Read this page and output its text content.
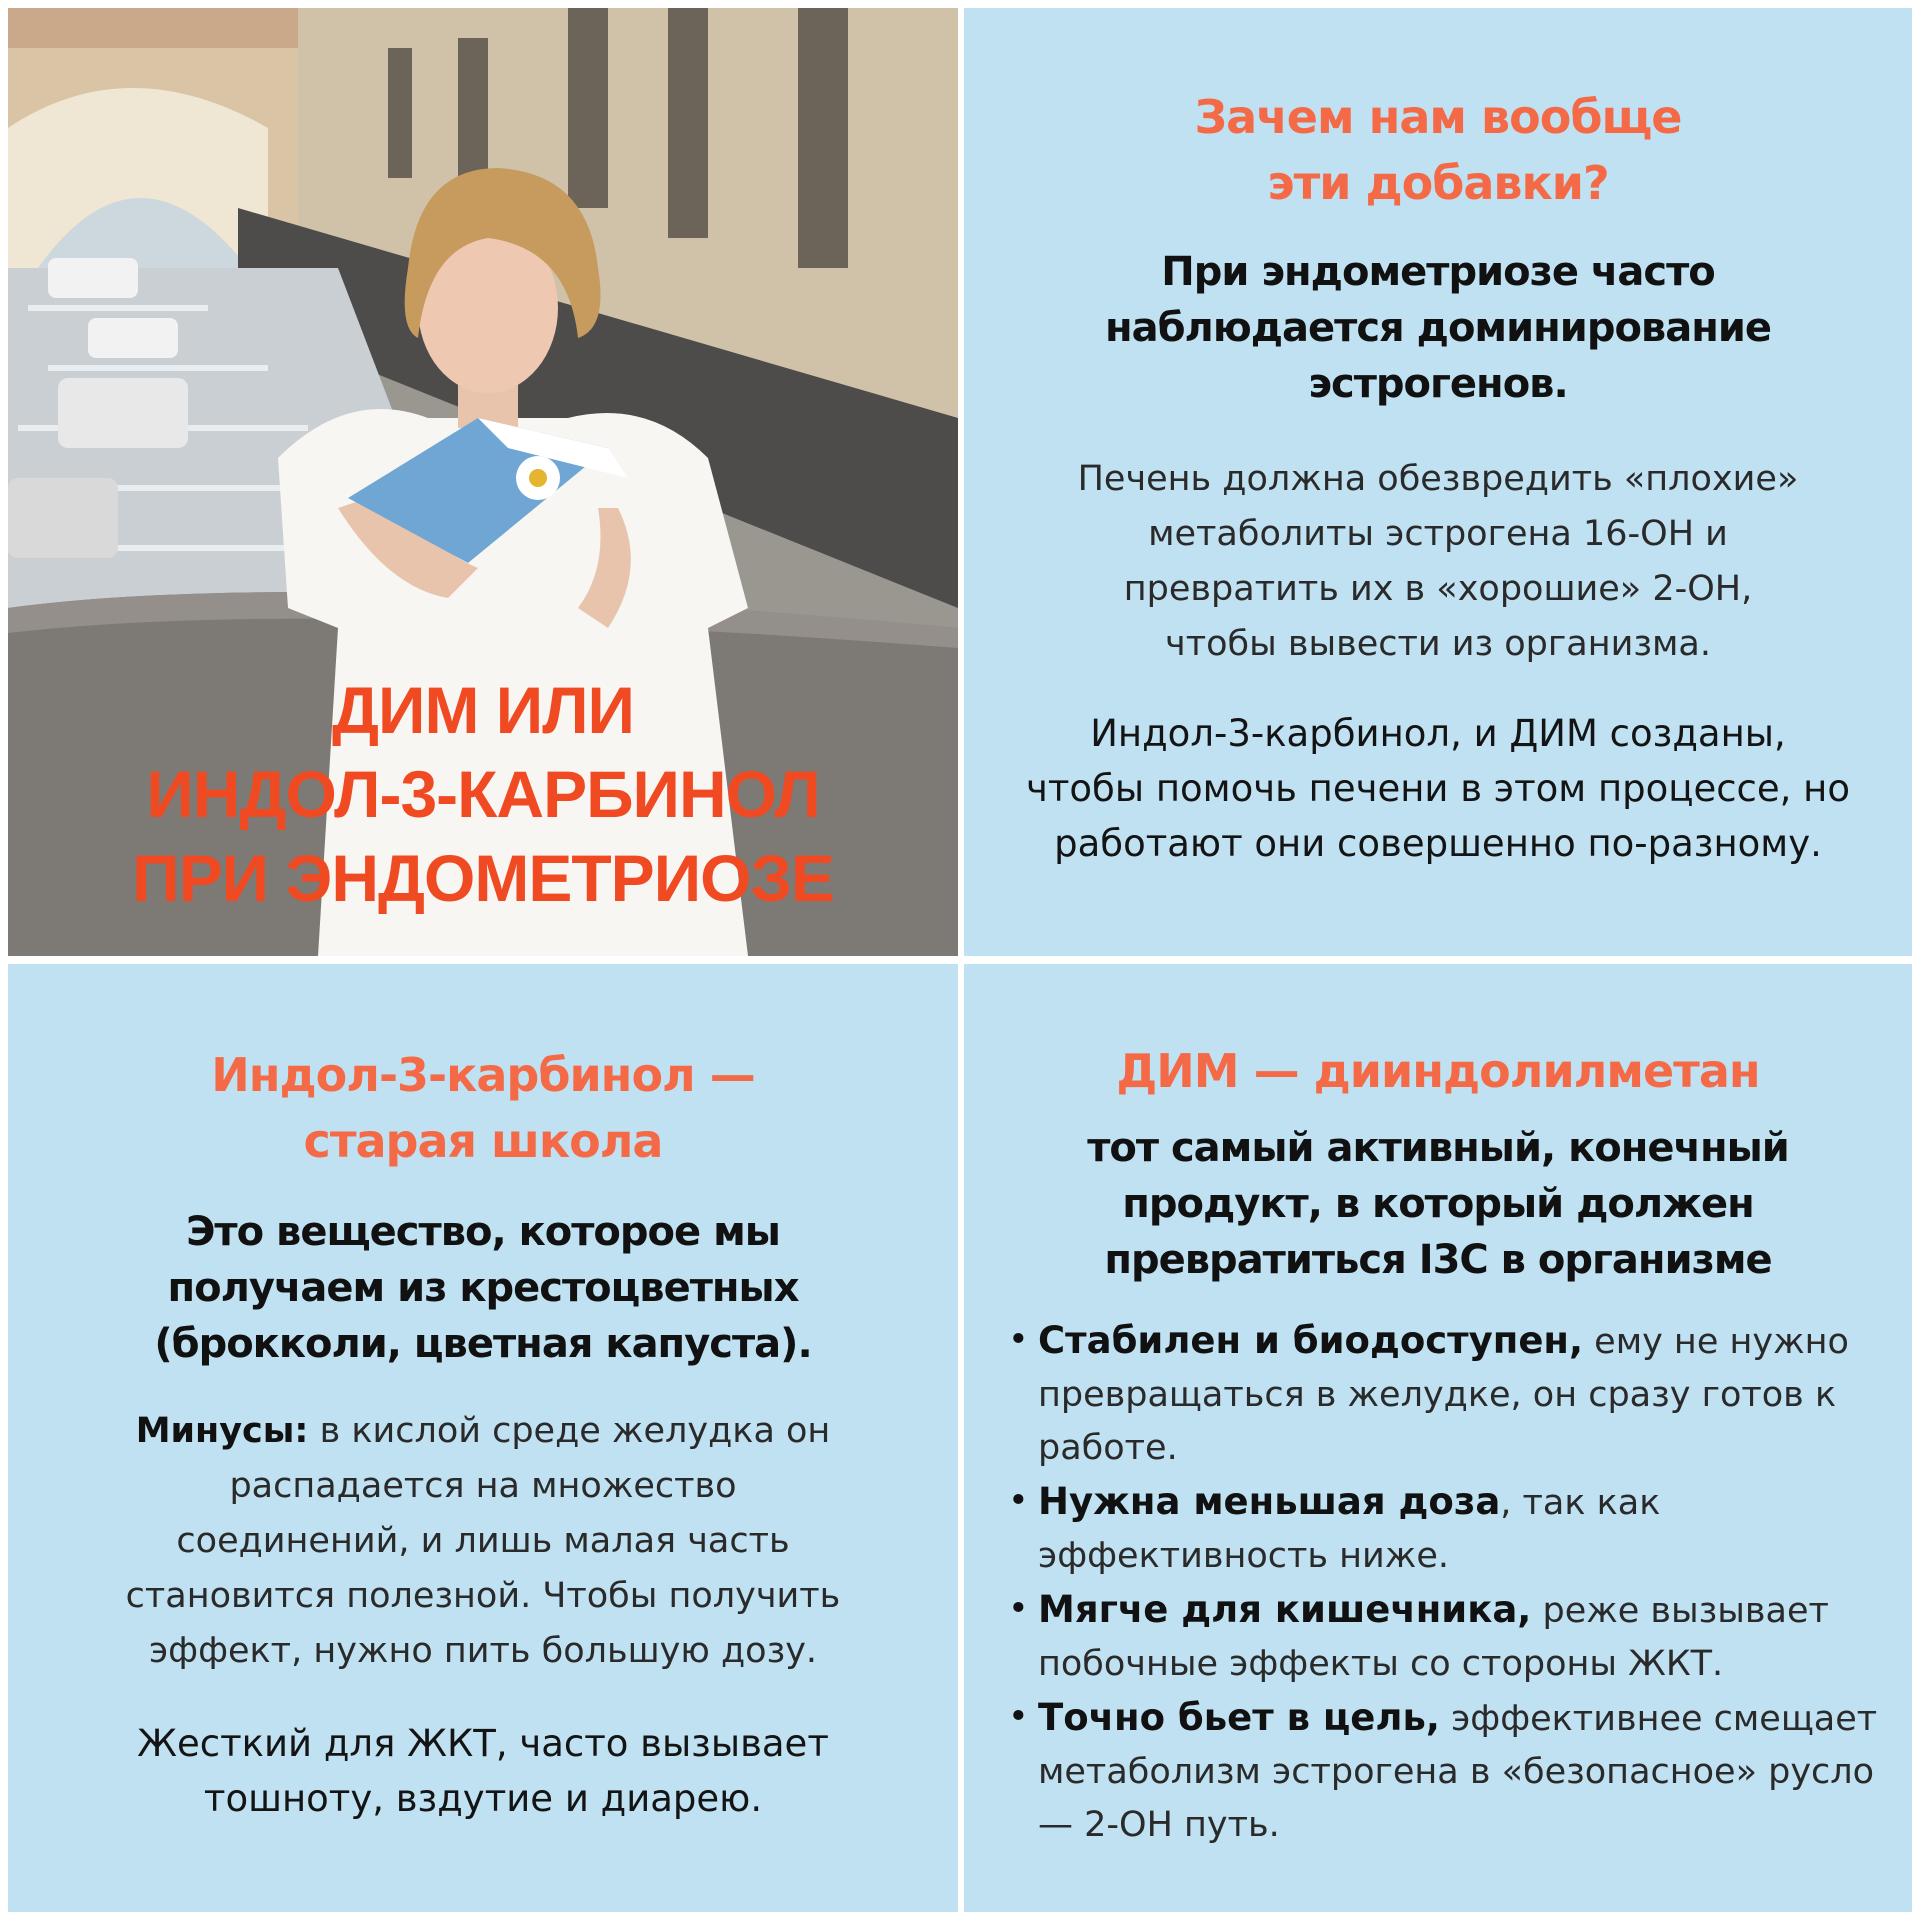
ДИМ ИЛИ
ИНДОЛ-3-КАРБИНОЛ
ПРИ ЭНДОМЕТРИОЗЕ
Зачем нам вообще
эти добавки?
При эндометриозе часто
наблюдается доминирование
эстрогенов.
Печень должна обезвредить «плохие»
метаболиты эстрогена 16-OH и
превратить их в «хорошие» 2-OH,
чтобы вывести из организма.
Индол-3-карбинол, и ДИМ созданы,
чтобы помочь печени в этом процессе, но
работают они совершенно по-разному.
Индол-3-карбинол —
старая школа
Это вещество, которое мы
получаем из крестоцветных
(брокколи, цветная капуста).
Минусы: в кислой среде желудка он
распадается на множество
соединений, и лишь малая часть
становится полезной. Чтобы получить
эффект, нужно пить большую дозу.
Жесткий для ЖКТ, часто вызывает
тошноту, вздутие и диарею.
ДИМ — дииндолилметан
тот самый активный, конечный
продукт, в который должен
превратиться I3C в организме
• Стабилен и биодоступен, ему не нужно превращаться в желудке, он сразу готов к работе.
• Нужна меньшая доза, так как эффективность ниже.
• Мягче для кишечника, реже вызывает побочные эффекты со стороны ЖКТ.
• Точно бьет в цель, эффективнее смещает метаболизм эстрогена в «безопасное» русло — 2-OH путь.
